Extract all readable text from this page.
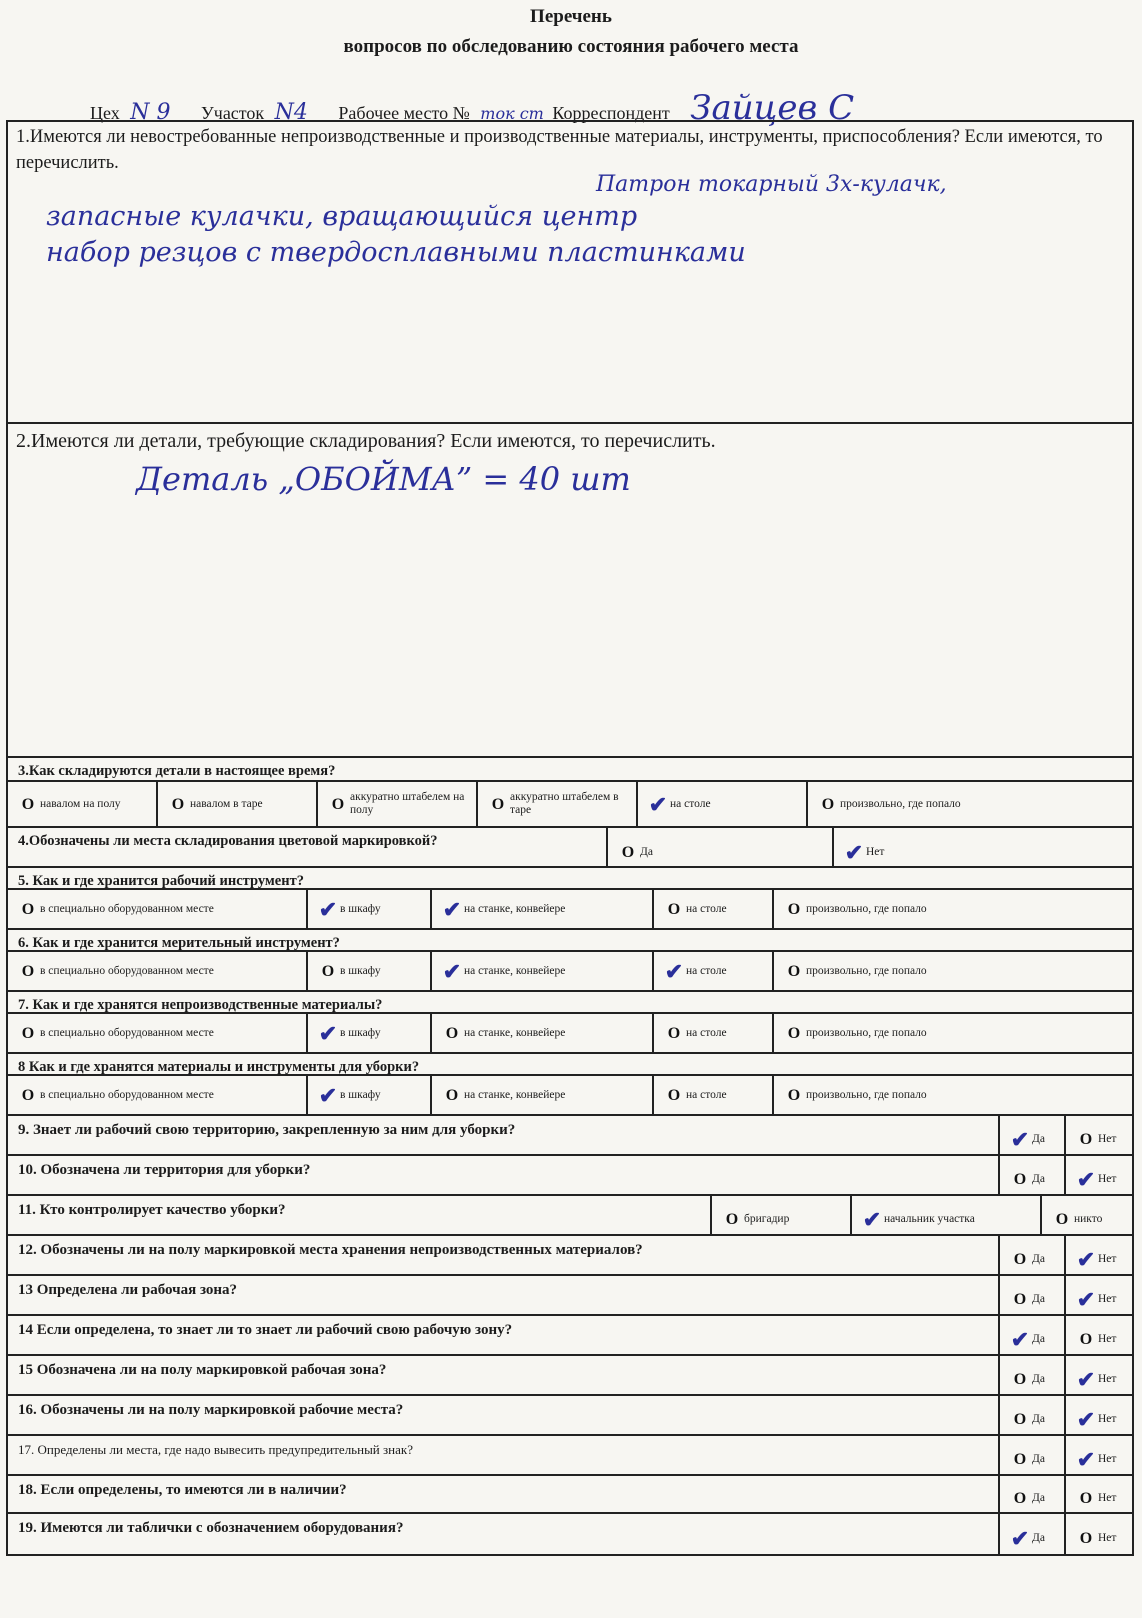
Перечень
вопросов по обследованию состояния рабочего места
Цех N 9 Участок N4 Рабочее место № ток ст Корреспондент Зайцев С
1.Имеются ли невостребованные непроизводственные и производственные материалы, инструменты, приспособления? Если имеются, то перечислить.
Патрон токарный 3х-кулачк,
запасные кулачки, вращающийся центр
набор резцов с твердосплавными пластинками
2.Имеются ли детали, требующие складирования? Если имеются, то перечислить.
Деталь „ОБОЙМА” = 40 шт
3.Как складируются детали в настоящее время?
O навалом на полу	O навалом в таре	O аккуратно штабелем на полу	O аккуратно штабелем в таре	✔ на столе	O произвольно, где попало
4.Обозначены ли места складирования цветовой маркировкой?
O Да	✔ Нет
5. Как и где хранится рабочий инструмент?
O в специально оборудованном месте	✔ в шкафу	✔ на станке, конвейере	O на столе	O произвольно, где попало
6. Как и где хранится мерительный инструмент?
O в специально оборудованном месте	O в шкафу	✔ на станке, конвейере	✔ на столе	O произвольно, где попало
7. Как и где хранятся непроизводственные материалы?
O в специально оборудованном месте	✔ в шкафу	O на станке, конвейере	O на столе	O произвольно, где попало
8 Как и где хранятся материалы и инструменты для уборки?
O в специально оборудованном месте	✔ в шкафу	O на станке, конвейере	O на столе	O произвольно, где попало
9. Знает ли рабочий свою территорию, закрепленную за ним для уборки?	✔ Да	O Нет
10. Обозначена ли территория для уборки?
O Да ✔ Нет
11. Кто контролирует качество уборки?
O бригадир	✔ начальник участка	O никто
12. Обозначены ли на полу маркировкой места хранения непроизводственных материалов?
O Да ✔ Нет
13 Определена ли рабочая зона?
O Да ✔ Нет
14 Если определена, то знает ли то знает ли рабочий свою рабочую зону?	✔ Да	O Нет
15 Обозначена ли на полу маркировкой рабочая зона?
O Да ✔ Нет
16. Обозначены ли на полу маркировкой рабочие места?
O Да ✔ Нет
17. Определены ли места, где надо вывесить предупредительный знак?
O Да ✔ Нет
18. Если определены, то имеются ли в наличии?	O Да	O Нет
19. Имеются ли таблички с обозначением оборудования?	✔ Да	O Нет
